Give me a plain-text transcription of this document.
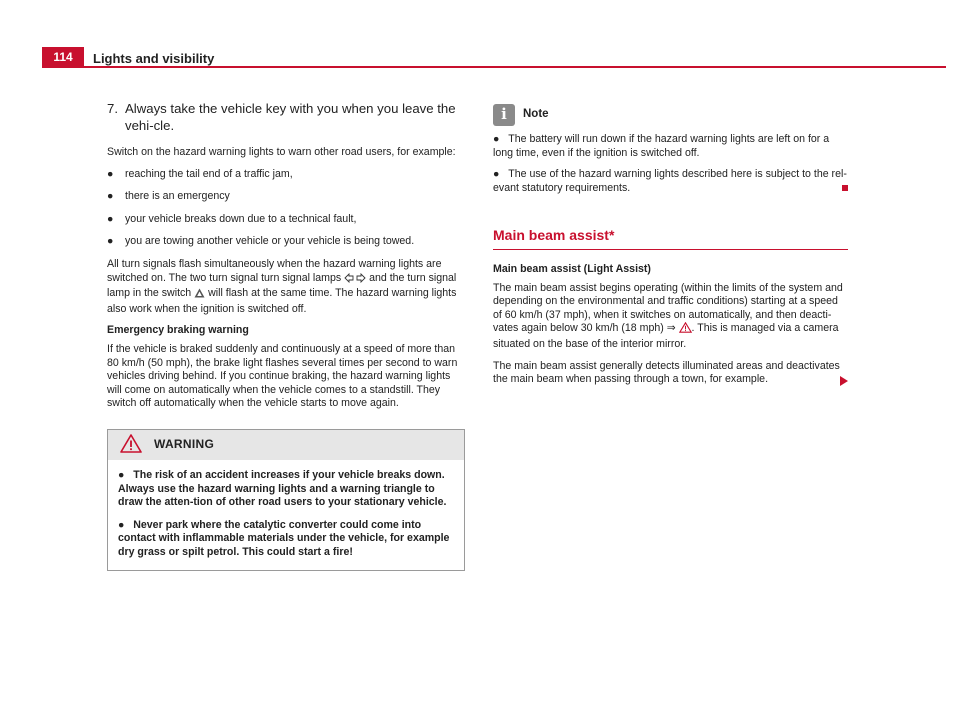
114	Lights and visibility
7. Always take the vehicle key with you when you leave the vehi-cle.

Switch on the hazard warning lights to warn other road users, for example:

●	reaching the tail end of a traffic jam,
●	there is an emergency
●	your vehicle breaks down due to a technical fault,
●	you are towing another vehicle or your vehicle is being towed.

All turn signals flash simultaneously when the hazard warning lights are switched on. The two turn signal turn signal lamps	and the turn signal lamp in the switch will flash at the same time. The hazard warning lights also work when the ignition is switched off.

Emergency braking warning

If the vehicle is braked suddenly and continuously at a speed of more than 80 km/h (50 mph), the brake light flashes several times per second to warn vehicles driving behind. If you continue braking, the hazard warning lights will come on automatically when the vehicle comes to a standstill. They switch off automatically when the vehicle starts to move again.

WARNING
● The risk of an accident increases if your vehicle breaks down. Always use the hazard warning lights and a warning triangle to draw the atten-tion of other road users to your stationary vehicle.
● Never park where the catalytic converter could come into contact with inflammable materials under the vehicle, for example dry grass or spilt petrol. This could start a fire!
i	Note
● The battery will run down if the hazard warning lights are left on for a long time, even if the ignition is switched off.
● The use of the hazard warning lights described here is subject to the rel-evant statutory requirements.
Main beam assist*
Main beam assist (Light Assist)

The main beam assist begins operating (within the limits of the system and depending on the environmental and traffic conditions) starting at a speed of 60 km/h (37 mph), when it switches on automatically, and then deacti-vates again below 30 km/h (18 mph) ⇒ . This is managed via a camera situated on the base of the interior mirror.

The main beam assist generally detects illuminated areas and deactivates the main beam when passing through a town, for example.
